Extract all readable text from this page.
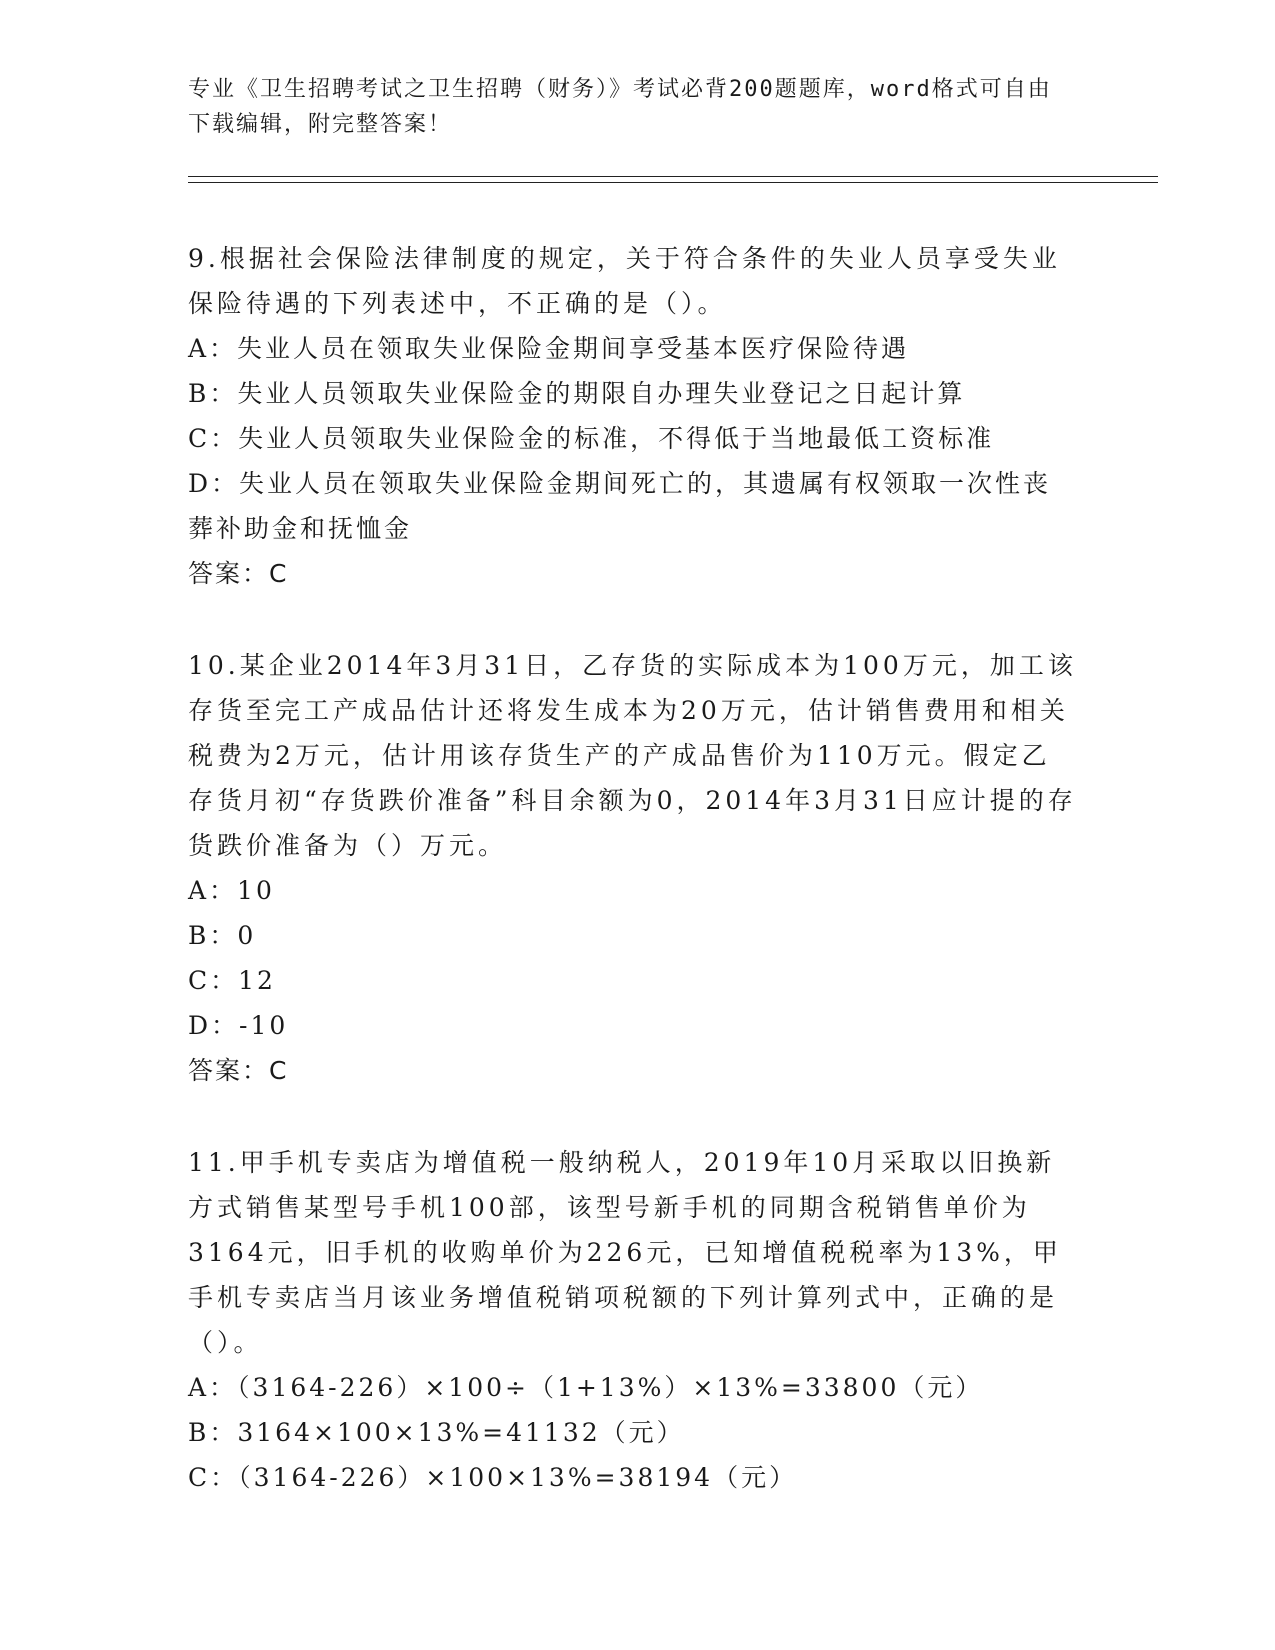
专业《卫生招聘考试之卫生招聘（财务）》考试必背200题题库，word格式可自由下载编辑，附完整答案！

9.根据社会保险法律制度的规定，关于符合条件的失业人员享受失业保险待遇的下列表述中，不正确的是（）。

A：失业人员在领取失业保险金期间享受基本医疗保险待遇

B：失业人员领取失业保险金的期限自办理失业登记之日起计算

C：失业人员领取失业保险金的标准，不得低于当地最低工资标准

D：失业人员在领取失业保险金期间死亡的，其遗属有权领取一次性丧葬补助金和抚恤金

答案：C

10.某企业2014年3月31日，乙存货的实际成本为100万元，加工该存货至完工产成品估计还将发生成本为20万元，估计销售费用和相关税费为2万元，估计用该存货生产的产成品售价为110万元。假定乙存货月初“存货跌价准备”科目余额为0，2014年3月31日应计提的存货跌价准备为（）万元。

A：10

B：0

C：12

D：-10

答案：C

11.甲手机专卖店为增值税一般纳税人，2019年10月采取以旧换新方式销售某型号手机100部，该型号新手机的同期含税销售单价为3164元，旧手机的收购单价为226元，已知增值税税率为13%，甲手机专卖店当月该业务增值税销项税额的下列计算列式中，正确的是（）。

A：（3164-226）×100÷（1+13%）×13%=33800（元）

B：3164×100×13%=41132（元）

C：（3164-226）×100×13%=38194（元）
